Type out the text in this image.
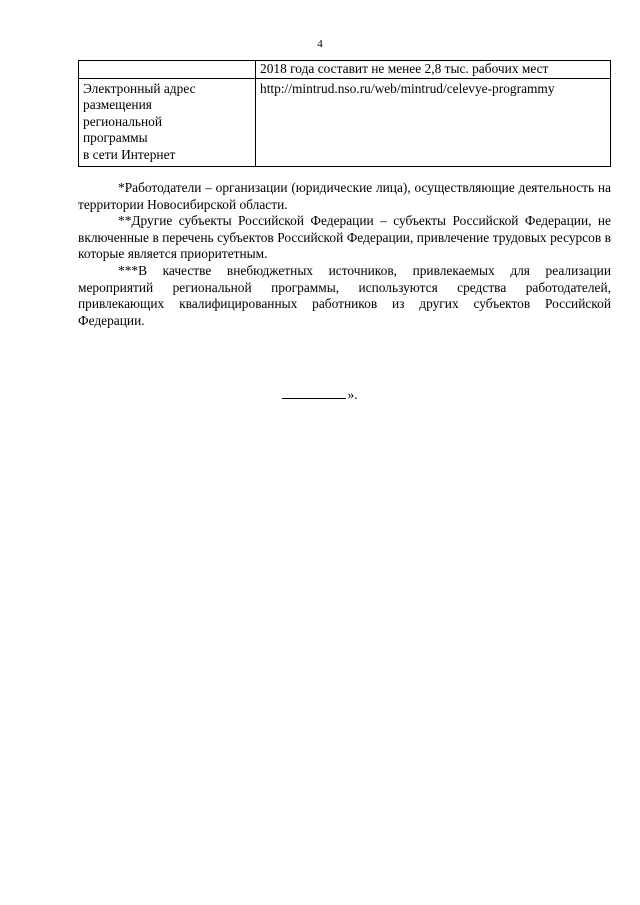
4
	2018 года составит не менее 2,8 тыс. рабочих мест

Электронный адрес
размещения
региональной
программы
в сети Интернет	http://mintrud.nso.ru/web/mintrud/celevye-programmy

*Работодатели – организации (юридические лица), осуществляющие деятельность на территории Новосибирской области.

**Другие субъекты Российской Федерации – субъекты Российской Федерации, не включенные в перечень субъектов Российской Федерации, привлечение трудовых ресурсов в которые является приоритетным.

***В качестве внебюджетных источников, привлекаемых для реализации мероприятий региональной программы, используются средства работодателей, привлекающих квалифицированных работников из других субъектов Российской Федерации.

».
